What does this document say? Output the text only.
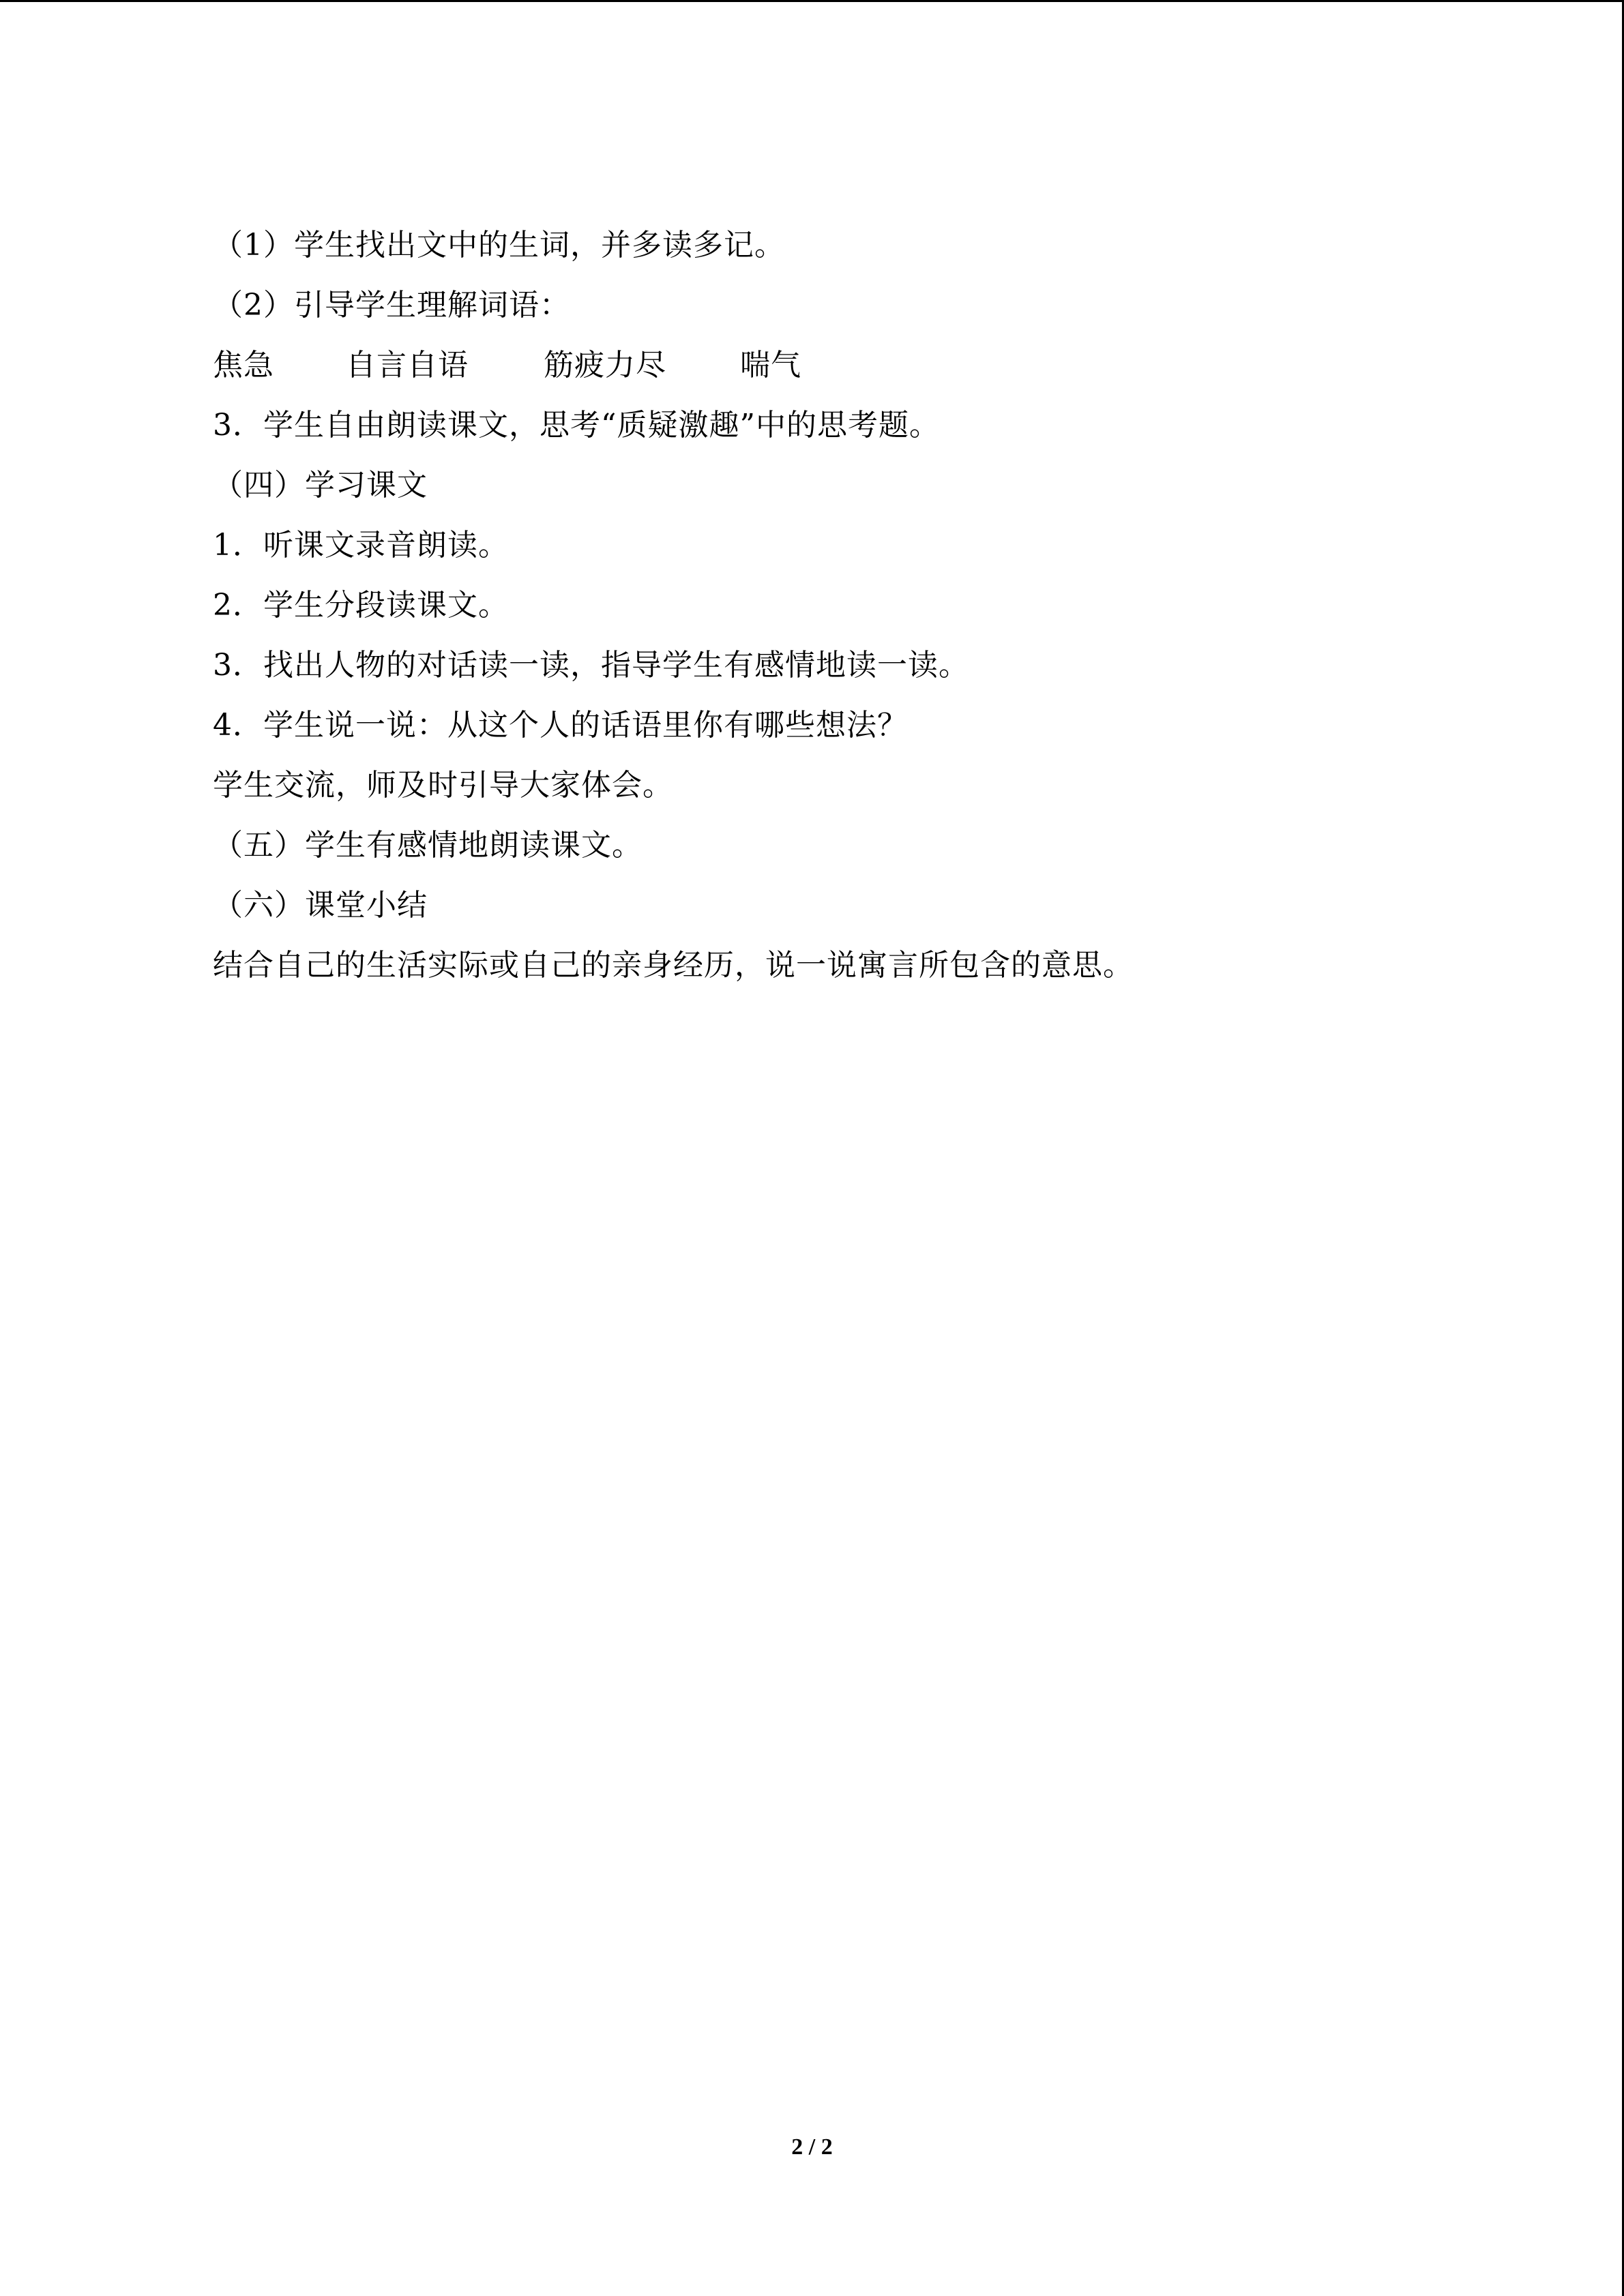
（1）学生找出文中的生词，并多读多记。
（2）引导学生理解词语：
焦急	自言自语	筋疲力尽	喘气
3．学生自由朗读课文，思考“质疑激趣”中的思考题。
（四）学习课文
1．听课文录音朗读。
2．学生分段读课文。
3．找出人物的对话读一读，指导学生有感情地读一读。
4．学生说一说：从这个人的话语里你有哪些想法？
学生交流，师及时引导大家体会。
（五）学生有感情地朗读课文。
（六）课堂小结
结合自己的生活实际或自己的亲身经历，说一说寓言所包含的意思。
2 / 2
